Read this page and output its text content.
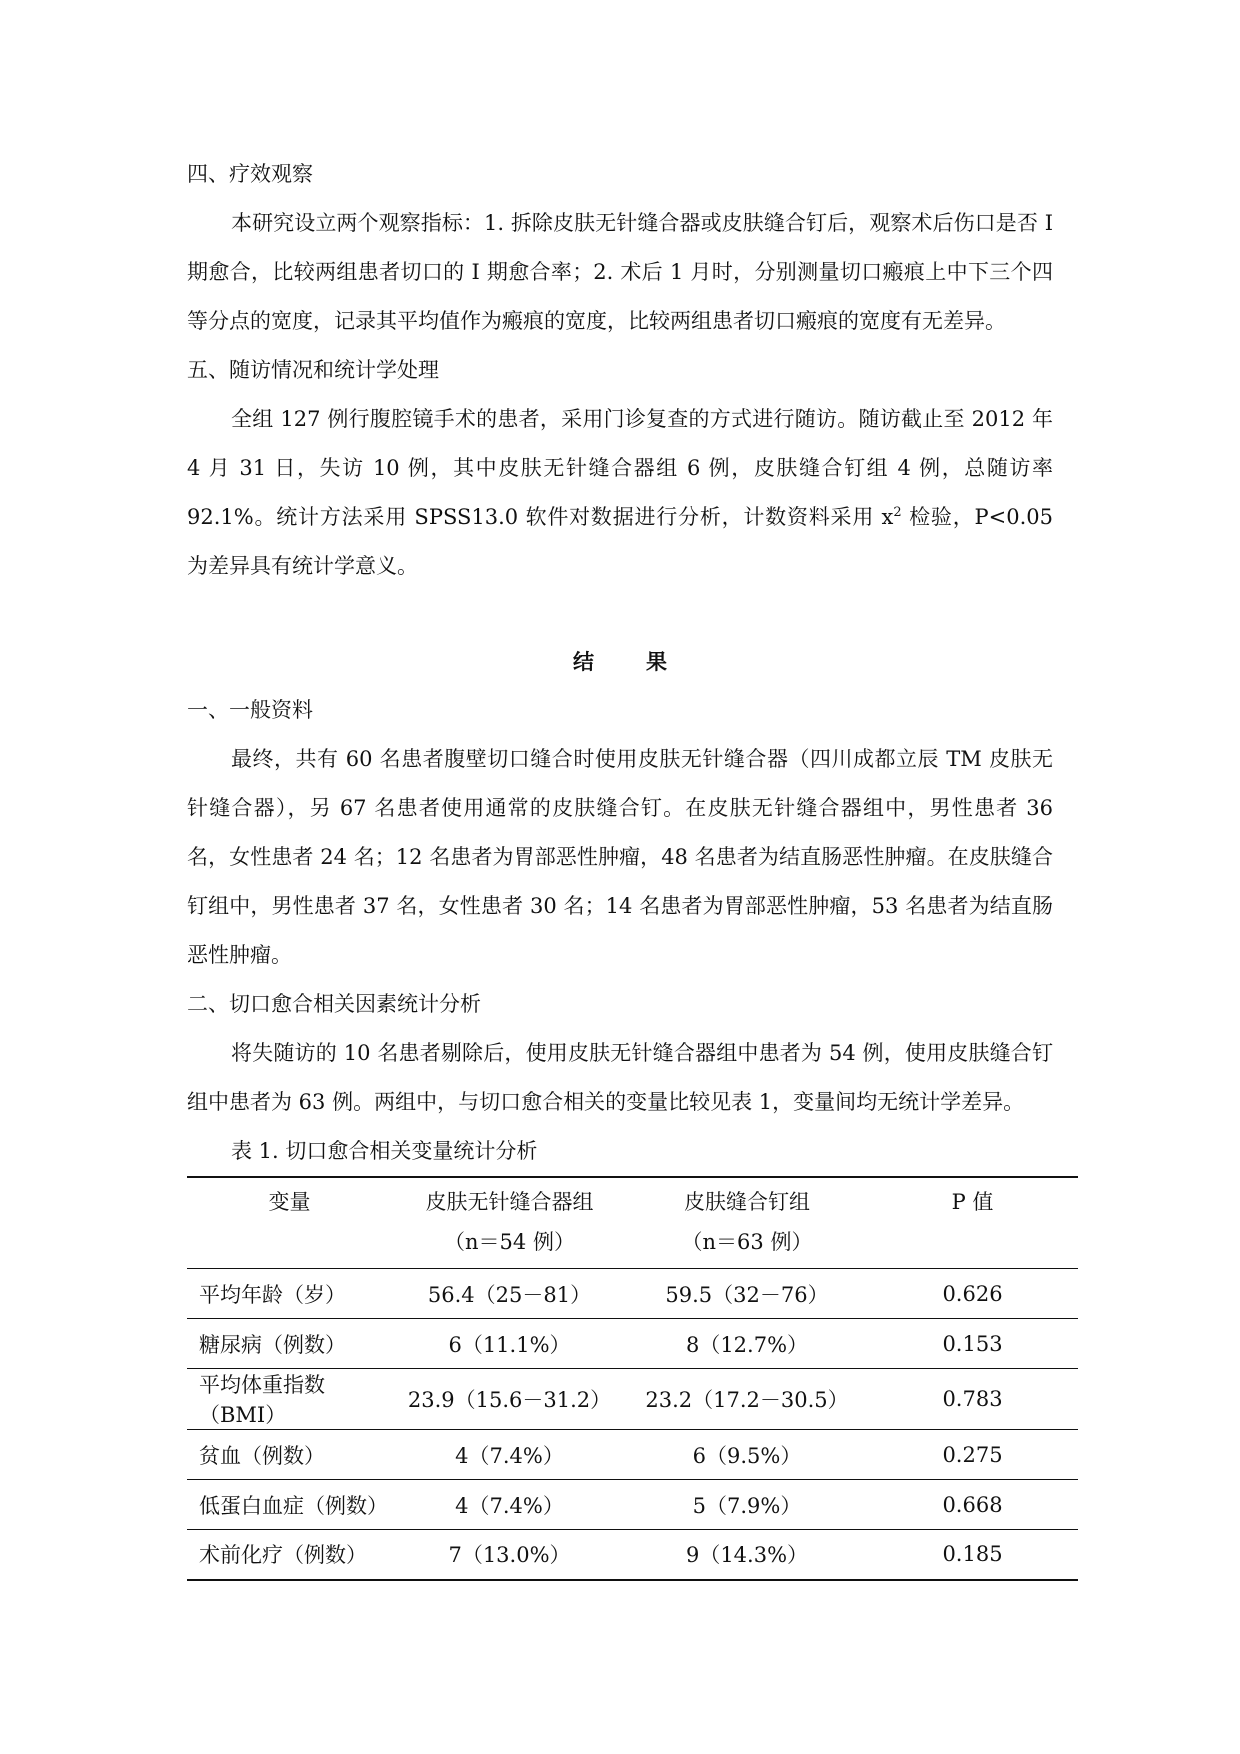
四、疗效观察

本研究设立两个观察指标：1. 拆除皮肤无针缝合器或皮肤缝合钉后，观察术后伤口是否 I 期愈合，比较两组患者切口的 I 期愈合率；2. 术后 1 月时，分别测量切口瘢痕上中下三个四等分点的宽度，记录其平均值作为瘢痕的宽度，比较两组患者切口瘢痕的宽度有无差异。

五、随访情况和统计学处理

全组 127 例行腹腔镜手术的患者，采用门诊复查的方式进行随访。随访截止至 2012 年 4 月 31 日，失访 10 例，其中皮肤无针缝合器组 6 例，皮肤缝合钉组 4 例，总随访率 92.1%。统计方法采用 SPSS13.0 软件对数据进行分析，计数资料采用 $x^2$ 检验，P<0.05 为差异具有统计学意义。

结果
一、一般资料

最终，共有 60 名患者腹壁切口缝合时使用皮肤无针缝合器（四川成都立辰 TM 皮肤无针缝合器），另 67 名患者使用通常的皮肤缝合钉。在皮肤无针缝合器组中，男性患者 36 名，女性患者 24 名；12 名患者为胃部恶性肿瘤，48 名患者为结直肠恶性肿瘤。在皮肤缝合钉组中，男性患者 37 名，女性患者 30 名；14 名患者为胃部恶性肿瘤，53 名患者为结直肠恶性肿瘤。

二、切口愈合相关因素统计分析

将失随访的 10 名患者剔除后，使用皮肤无针缝合器组中患者为 54 例，使用皮肤缝合钉组中患者为 63 例。两组中，与切口愈合相关的变量比较见表 1，变量间均无统计学差异。

表 1. 切口愈合相关变量统计分析
变量	皮肤无针缝合器组	皮肤缝合钉组	P 值
	（n＝54 例）	（n＝63 例）	
平均年龄（岁）	56.4（25－81）	59.5（32－76）	0.626
糖尿病（例数）	6（11.1%）	8（12.7%）	0.153
平均体重指数（BMI）	23.9（15.6－31.2）	23.2（17.2－30.5）	0.783
贫血（例数）	4（7.4%）	6（9.5%）	0.275
低蛋白血症（例数）	4（7.4%）	5（7.9%）	0.668
术前化疗（例数）	7（13.0%）	9（14.3%）	0.185
